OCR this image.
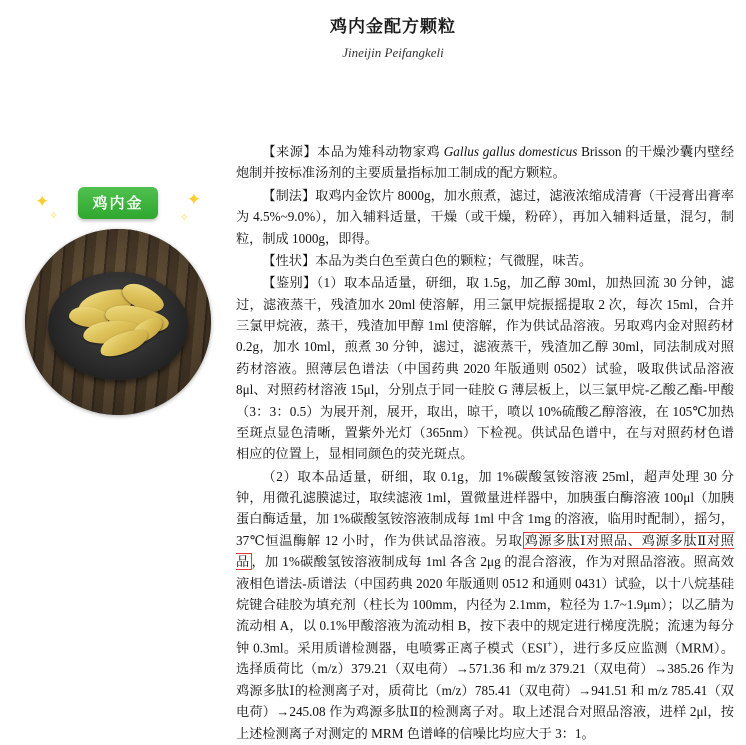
鸡内金配方颗粒
Jineijin Peifangkeli
✦	✦
✧	✧
鸡内金

【来源】本品为雉科动物家鸡 Gallus gallus domesticus Brisson 的干燥沙囊内壁经炮制并按标准汤剂的主要质量指标加工制成的配方颗粒。

【制法】取鸡内金饮片 8000g，加水煎煮，滤过，滤液浓缩成清膏（干浸膏出膏率为 4.5%~9.0%），加入辅料适量，干燥（或干燥，粉碎），再加入辅料适量，混匀，制粒，制成 1000g，即得。

【性状】本品为类白色至黄白色的颗粒；气微腥，味苦。

【鉴别】（1）取本品适量，研细，取 1.5g，加乙醇 30ml，加热回流 30 分钟，滤过，滤液蒸干，残渣加水 20ml 使溶解，用三氯甲烷振摇提取 2 次，每次 15ml，合并三氯甲烷液，蒸干，残渣加甲醇 1ml 使溶解，作为供试品溶液。另取鸡内金对照药材 0.2g，加水 10ml，煎煮 30 分钟，滤过，滤液蒸干，残渣加乙醇 30ml，同法制成对照药材溶液。照薄层色谱法（中国药典 2020 年版通则 0502）试验，吸取供试品溶液 8μl、对照药材溶液 15μl，分别点于同一硅胶 G 薄层板上，以三氯甲烷-乙酸乙酯-甲酸（3：3：0.5）为展开剂，展开，取出，晾干，喷以 10%硫酸乙醇溶液，在 105℃加热至斑点显色清晰，置紫外光灯（365nm）下检视。供试品色谱中，在与对照药材色谱相应的位置上，显相同颜色的荧光斑点。

（2）取本品适量，研细，取 0.1g，加 1%碳酸氢铵溶液 25ml，超声处理 30 分钟，用微孔滤膜滤过，取续滤液 1ml，置微量进样器中，加胰蛋白酶溶液 100μl（加胰蛋白酶适量，加 1%碳酸氢铵溶液制成每 1ml 中含 1mg 的溶液，临用时配制），摇匀，37℃恒温酶解 12 小时，作为供试品溶液。另取 鸡源多肽Ⅰ对照品、鸡源多肽Ⅱ对照品 ，加 1%碳酸氢铵溶液制成每 1ml 各含 2μg 的混合溶液，作为对照品溶液。照高效液相色谱法-质谱法（中国药典 2020 年版通则 0512 和通则 0431）试验，以十八烷基硅烷键合硅胶为填充剂（柱长为 100mm，内径为 2.1mm，粒径为 1.7~1.9μm）；以乙腈为流动相 A，以 0.1%甲酸溶液为流动相 B，按下表中的规定进行梯度洗脱；流速为每分钟 0.3ml。采用质谱检测器，电喷雾正离子模式（ESI+），进行多反应监测（MRM）。选择质荷比（m/z）379.21（双电荷）→571.36 和 m/z 379.21（双电荷）→385.26 作为鸡源多肽Ⅰ的检测离子对，质荷比（m/z）785.41（双电荷）→941.51 和 m/z 785.41（双电荷）→245.08 作为鸡源多肽Ⅱ的检测离子对。取上述混合对照品溶液，进样 2μl，按上述检测离子对测定的 MRM 色谱峰的信噪比均应大于 3：1。
